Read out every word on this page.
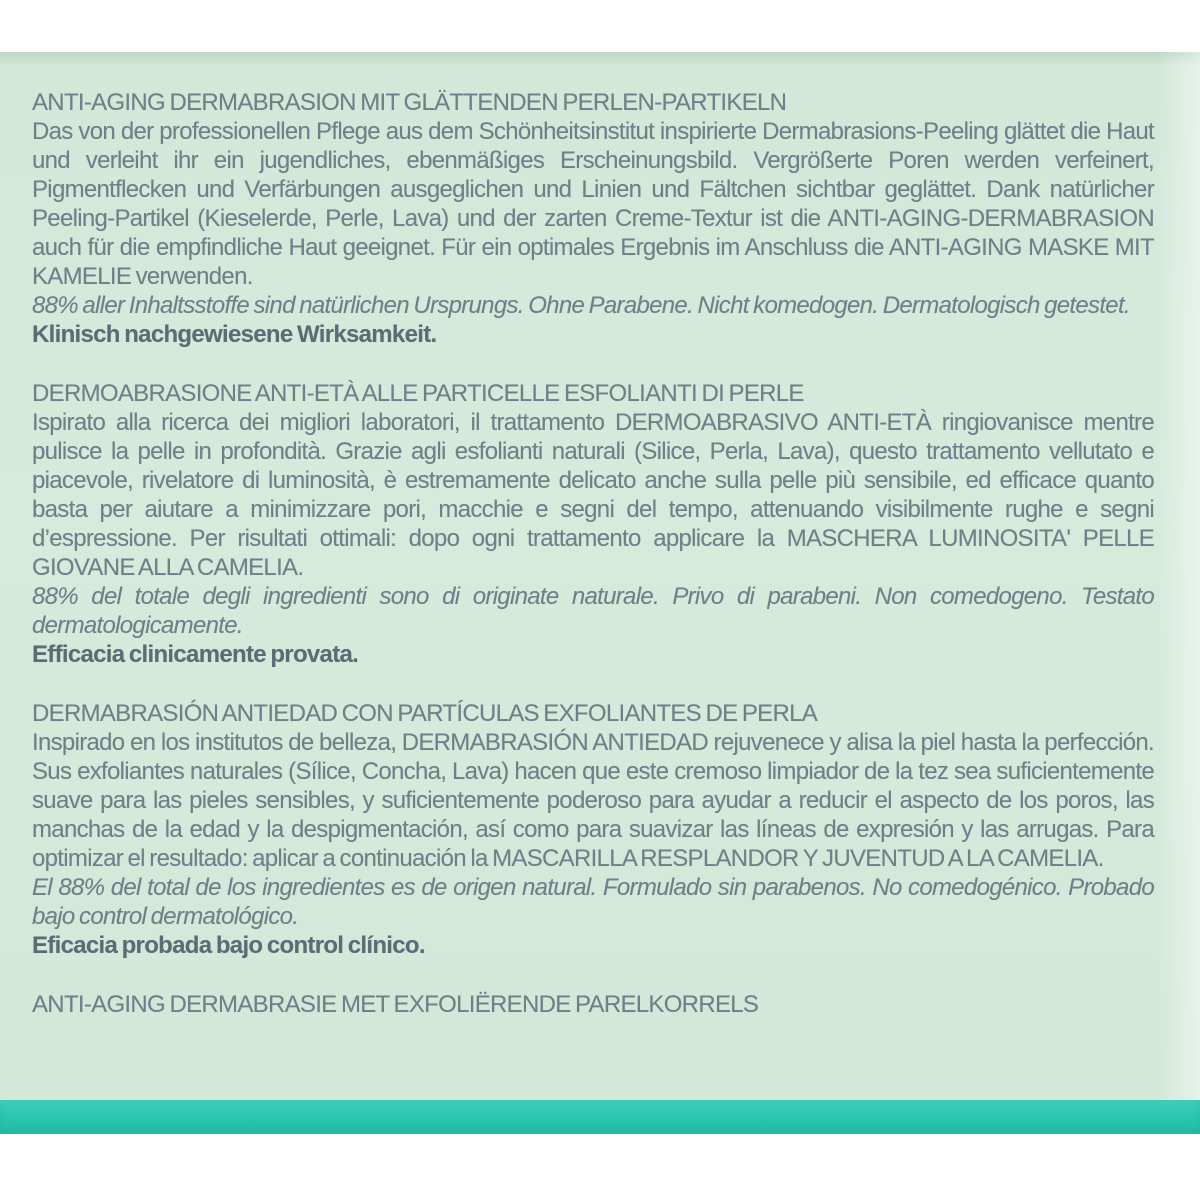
ANTI-AGING DERMABRASION MIT GLÄTTENDEN PERLEN-PARTIKELN

Das von der professionellen Pflege aus dem Schönheitsinstitut inspirierte Dermabrasions-Peeling glättet die Haut und verleiht ihr ein jugendliches, ebenmäßiges Erscheinungsbild. Vergrößerte Poren werden verfeinert, Pigmentflecken und Verfärbungen ausgeglichen und Linien und Fältchen sichtbar geglättet. Dank natürlicher Peeling-Partikel (Kieselerde, Perle, Lava) und der zarten Creme-Textur ist die ANTI-AGING-DERMABRASION auch für die empfindliche Haut geeignet. Für ein optimales Ergebnis im Anschluss die ANTI-AGING MASKE MIT KAMELIE verwenden.

88% aller Inhaltsstoffe sind natürlichen Ursprungs. Ohne Parabene. Nicht komedogen. Dermatologisch getestet.

Klinisch nachgewiesene Wirksamkeit.

DERMOABRASIONE ANTI-ETÀ ALLE PARTICELLE ESFOLIANTI DI PERLE

Ispirato alla ricerca dei migliori laboratori, il trattamento DERMOABRASIVO ANTI-ETÀ ringiovanisce mentre pulisce la pelle in profondità. Grazie agli esfolianti naturali (Silice, Perla, Lava), questo trattamento vellutato e piacevole, rivelatore di luminosità, è estremamente delicato anche sulla pelle più sensibile, ed efficace quanto basta per aiutare a minimizzare pori, macchie e segni del tempo, attenuando visibilmente rughe e segni d’espressione. Per risultati ottimali: dopo ogni trattamento applicare la MASCHERA LUMINOSITA' PELLE GIOVANE ALLA CAMELIA.

88% del totale degli ingredienti sono di originate naturale. Privo di parabeni. Non comedogeno. Testato dermatologicamente.

Efficacia clinicamente provata.

DERMABRASIÓN ANTIEDAD CON PARTÍCULAS EXFOLIANTES DE PERLA

Inspirado en los institutos de belleza, DERMABRASIÓN ANTIEDAD rejuvenece y alisa la piel hasta la perfección. Sus exfoliantes naturales (Sílice, Concha, Lava) hacen que este cremoso limpiador de la tez sea suficientemente suave para las pieles sensibles, y suficientemente poderoso para ayudar a reducir el aspecto de los poros, las manchas de la edad y la despigmentación, así como para suavizar las líneas de expresión y las arrugas. Para optimizar el resultado: aplicar a continuación la MASCARILLA RESPLANDOR Y JUVENTUD A LA CAMELIA.

El 88% del total de los ingredientes es de origen natural. Formulado sin parabenos. No comedogénico. Probado bajo control dermatológico.

Eficacia probada bajo control clínico.

ANTI-AGING DERMABRASIE MET EXFOLIËRENDE PARELKORRELS
